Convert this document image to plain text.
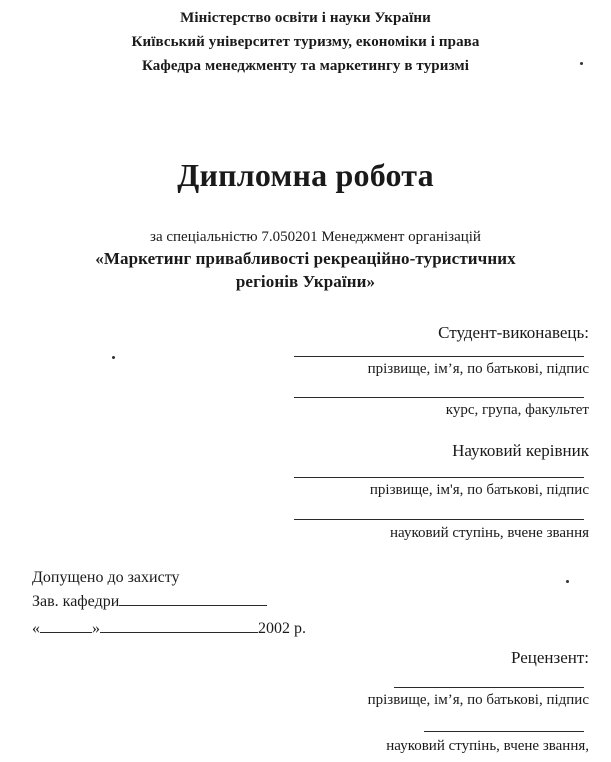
Міністерство освіти і науки України
Київський університет туризму, економіки і права
Кафедра менеджменту та маркетингу в туризмі
Дипломна робота
за спеціальністю 7.050201 Менеджмент організацій
«Маркетинг привабливості рекреаційно-туристичних
регіонів України»
Студент-виконавець:
прізвище, ім’я, по батькові, підпис
курс, група, факультет
Науковий керівник
прізвище, ім'я, по батькові, підпис
науковий ступінь, вчене звання
Допущено до захисту
Зав. кафедри
«	»	2002 р.
Рецензент:
прізвище, ім’я, по батькові, підпис
науковий ступінь, вчене звання,
